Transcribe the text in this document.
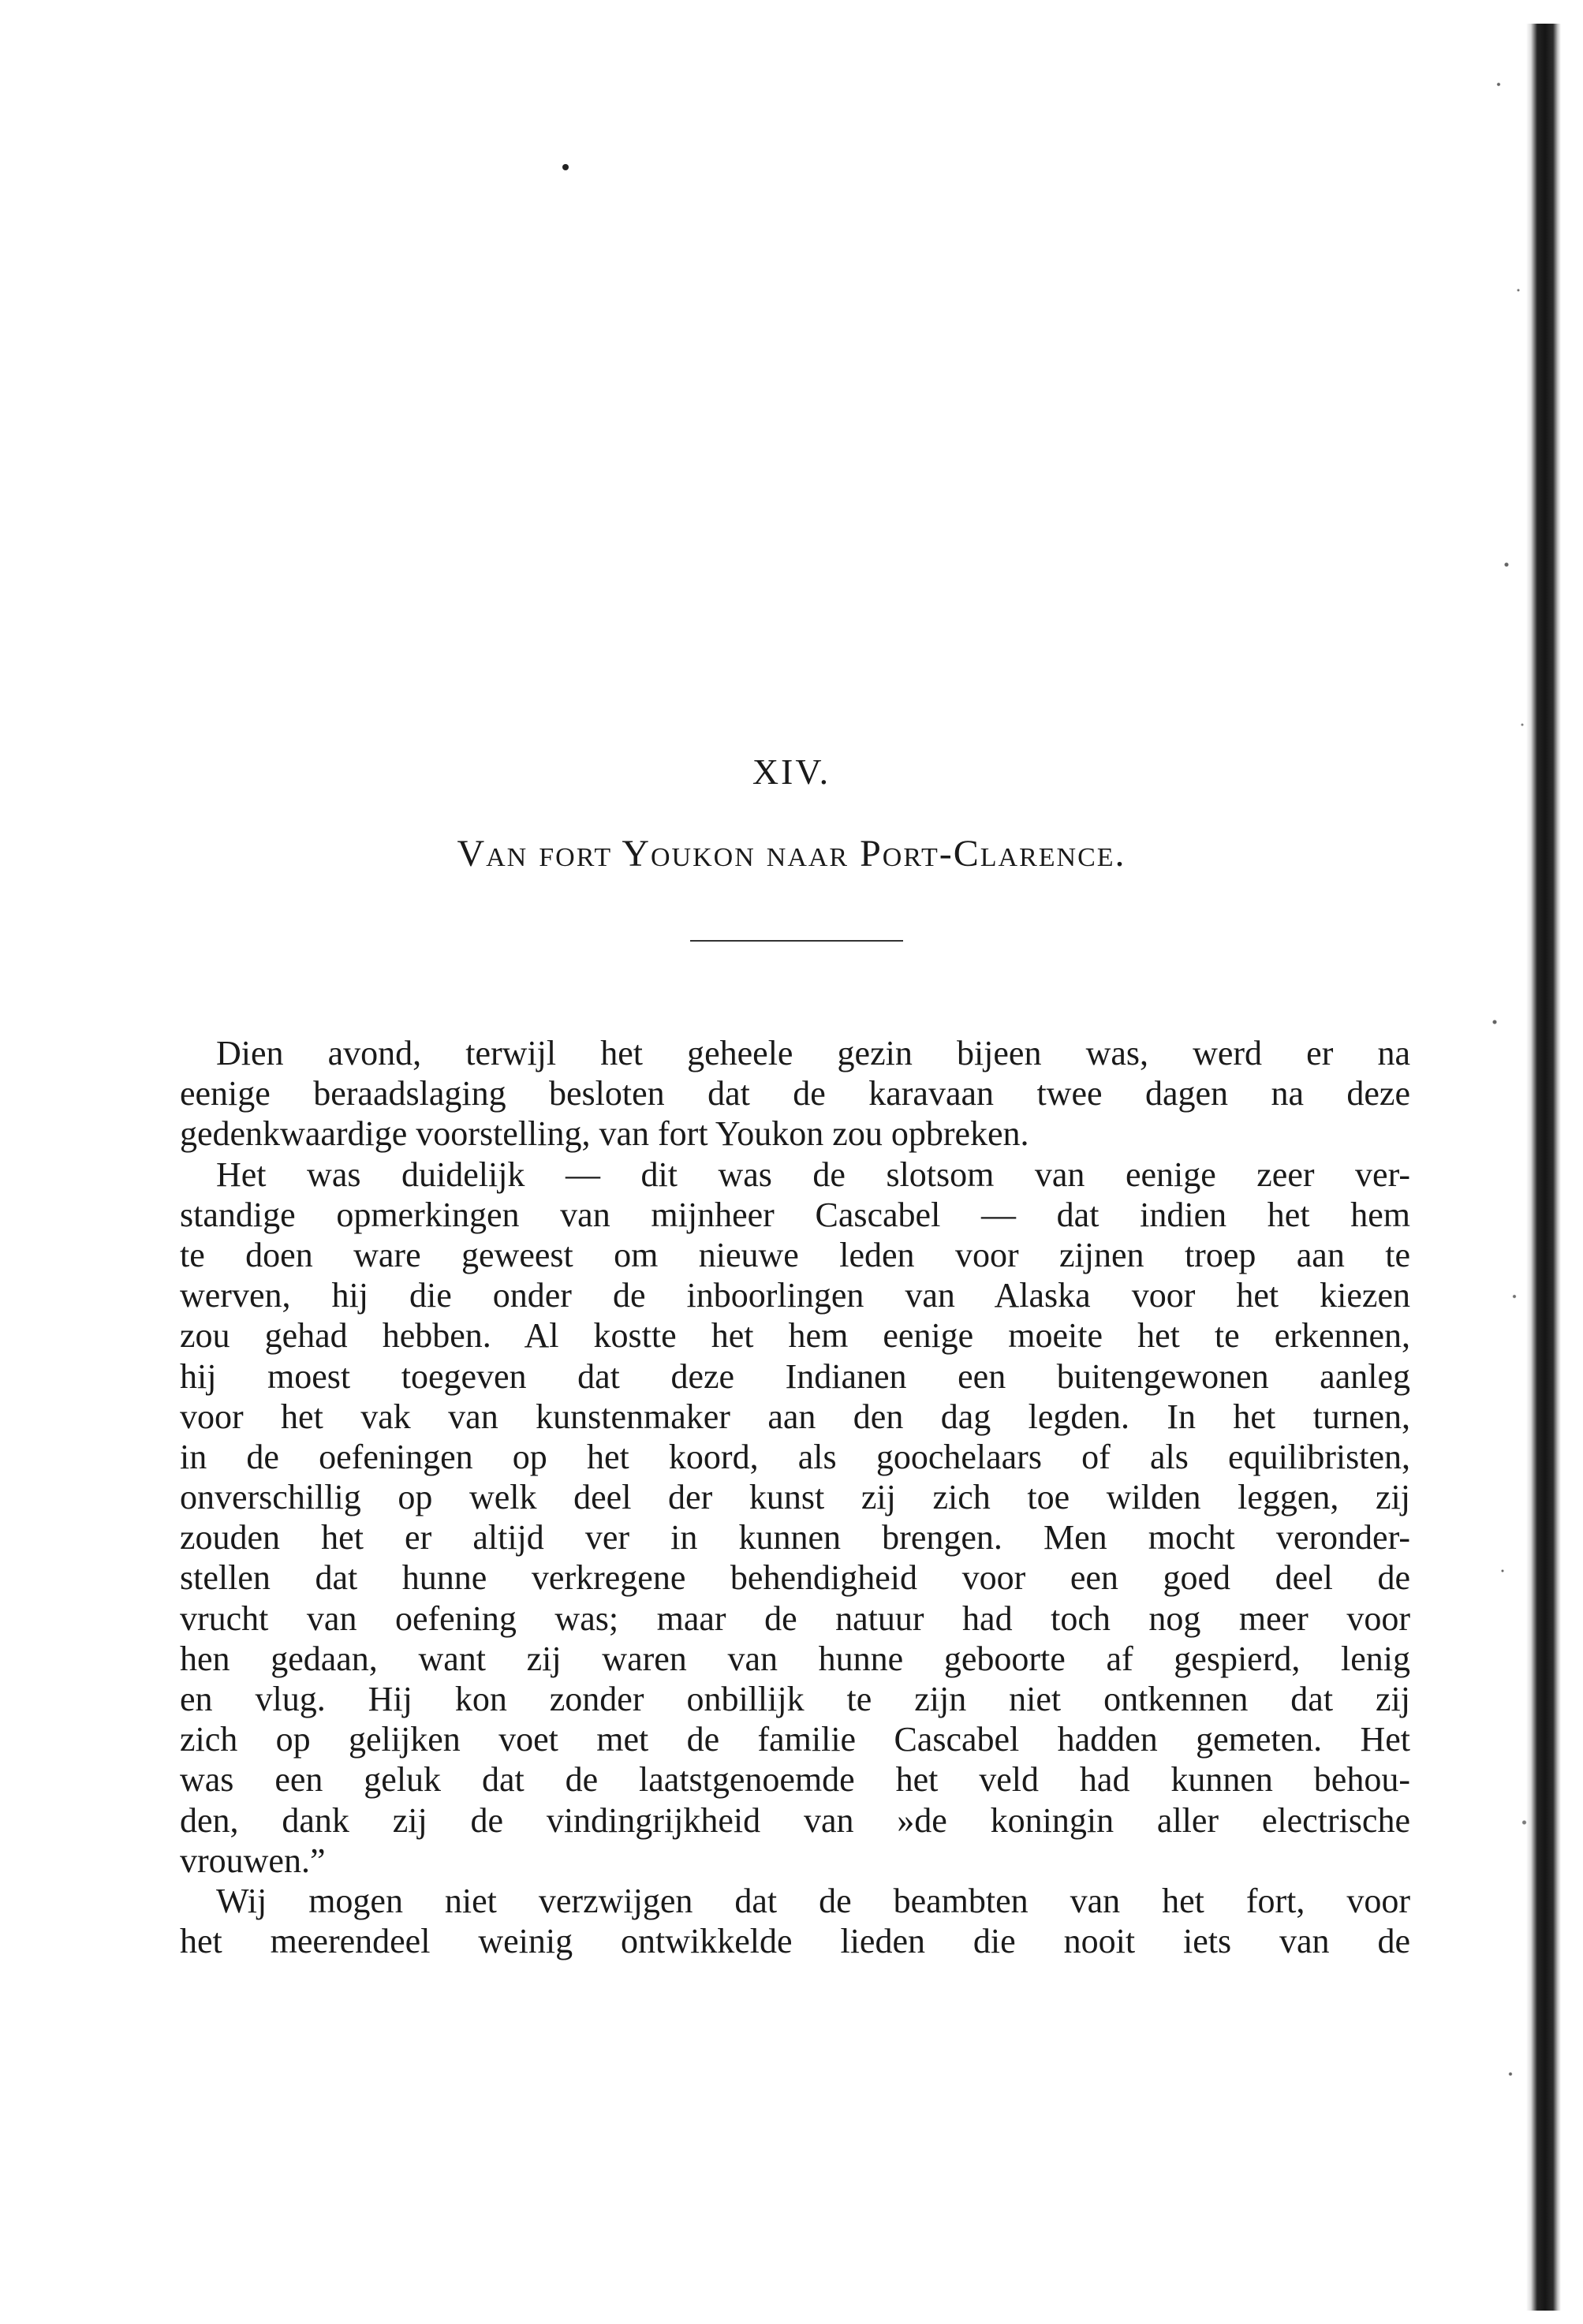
XIV.
Van fort Youkon naar Port-Clarence.
Dien avond, terwijl het geheele gezin bijeen was, werd er na
eenige beraadslaging besloten dat de karavaan twee dagen na deze
gedenkwaardige voorstelling, van fort Youkon zou opbreken.
Het was duidelijk — dit was de slotsom van eenige zeer ver-
standige opmerkingen van mijnheer Cascabel — dat indien het hem
te doen ware geweest om nieuwe leden voor zijnen troep aan te
werven, hij die onder de inboorlingen van Alaska voor het kiezen
zou gehad hebben. Al kostte het hem eenige moeite het te erkennen,
hij moest toegeven dat deze Indianen een buitengewonen aanleg
voor het vak van kunstenmaker aan den dag legden. In het turnen,
in de oefeningen op het koord, als goochelaars of als equilibristen,
onverschillig op welk deel der kunst zij zich toe wilden leggen, zij
zouden het er altijd ver in kunnen brengen. Men mocht veronder-
stellen dat hunne verkregene behendigheid voor een goed deel de
vrucht van oefening was; maar de natuur had toch nog meer voor
hen gedaan, want zij waren van hunne geboorte af gespierd, lenig
en vlug. Hij kon zonder onbillijk te zijn niet ontkennen dat zij
zich op gelijken voet met de familie Cascabel hadden gemeten. Het
was een geluk dat de laatstgenoemde het veld had kunnen behou-
den, dank zij de vindingrijkheid van »de koningin aller electrische
vrouwen.”
Wij mogen niet verzwijgen dat de beambten van het fort, voor
het meerendeel weinig ontwikkelde lieden die nooit iets van de
